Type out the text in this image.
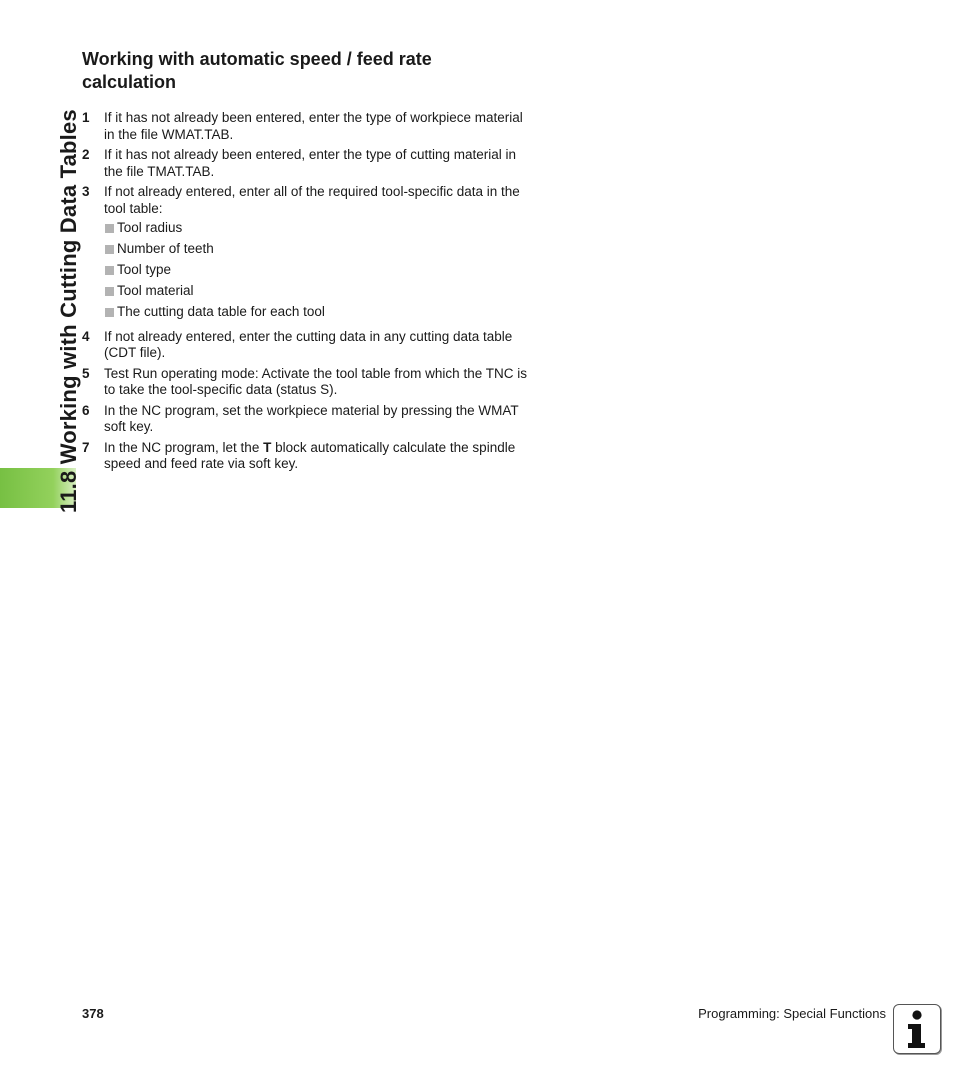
11.8 Working with Cutting Data Tables
Working with automatic speed / feed rate calculation
1 If it has not already been entered, enter the type of workpiece material in the file WMAT.TAB.
2 If it has not already been entered, enter the type of cutting material in the file TMAT.TAB.
3 If not already entered, enter all of the required tool-specific data in the tool table:
Tool radius
Number of teeth
Tool type
Tool material
The cutting data table for each tool
4 If not already entered, enter the cutting data in any cutting data table (CDT file).
5 Test Run operating mode: Activate the tool table from which the TNC is to take the tool-specific data (status S).
6 In the NC program, set the workpiece material by pressing the WMAT soft key.
7 In the NC program, let the T block automatically calculate the spindle speed and feed rate via soft key.
378	Programming: Special Functions
